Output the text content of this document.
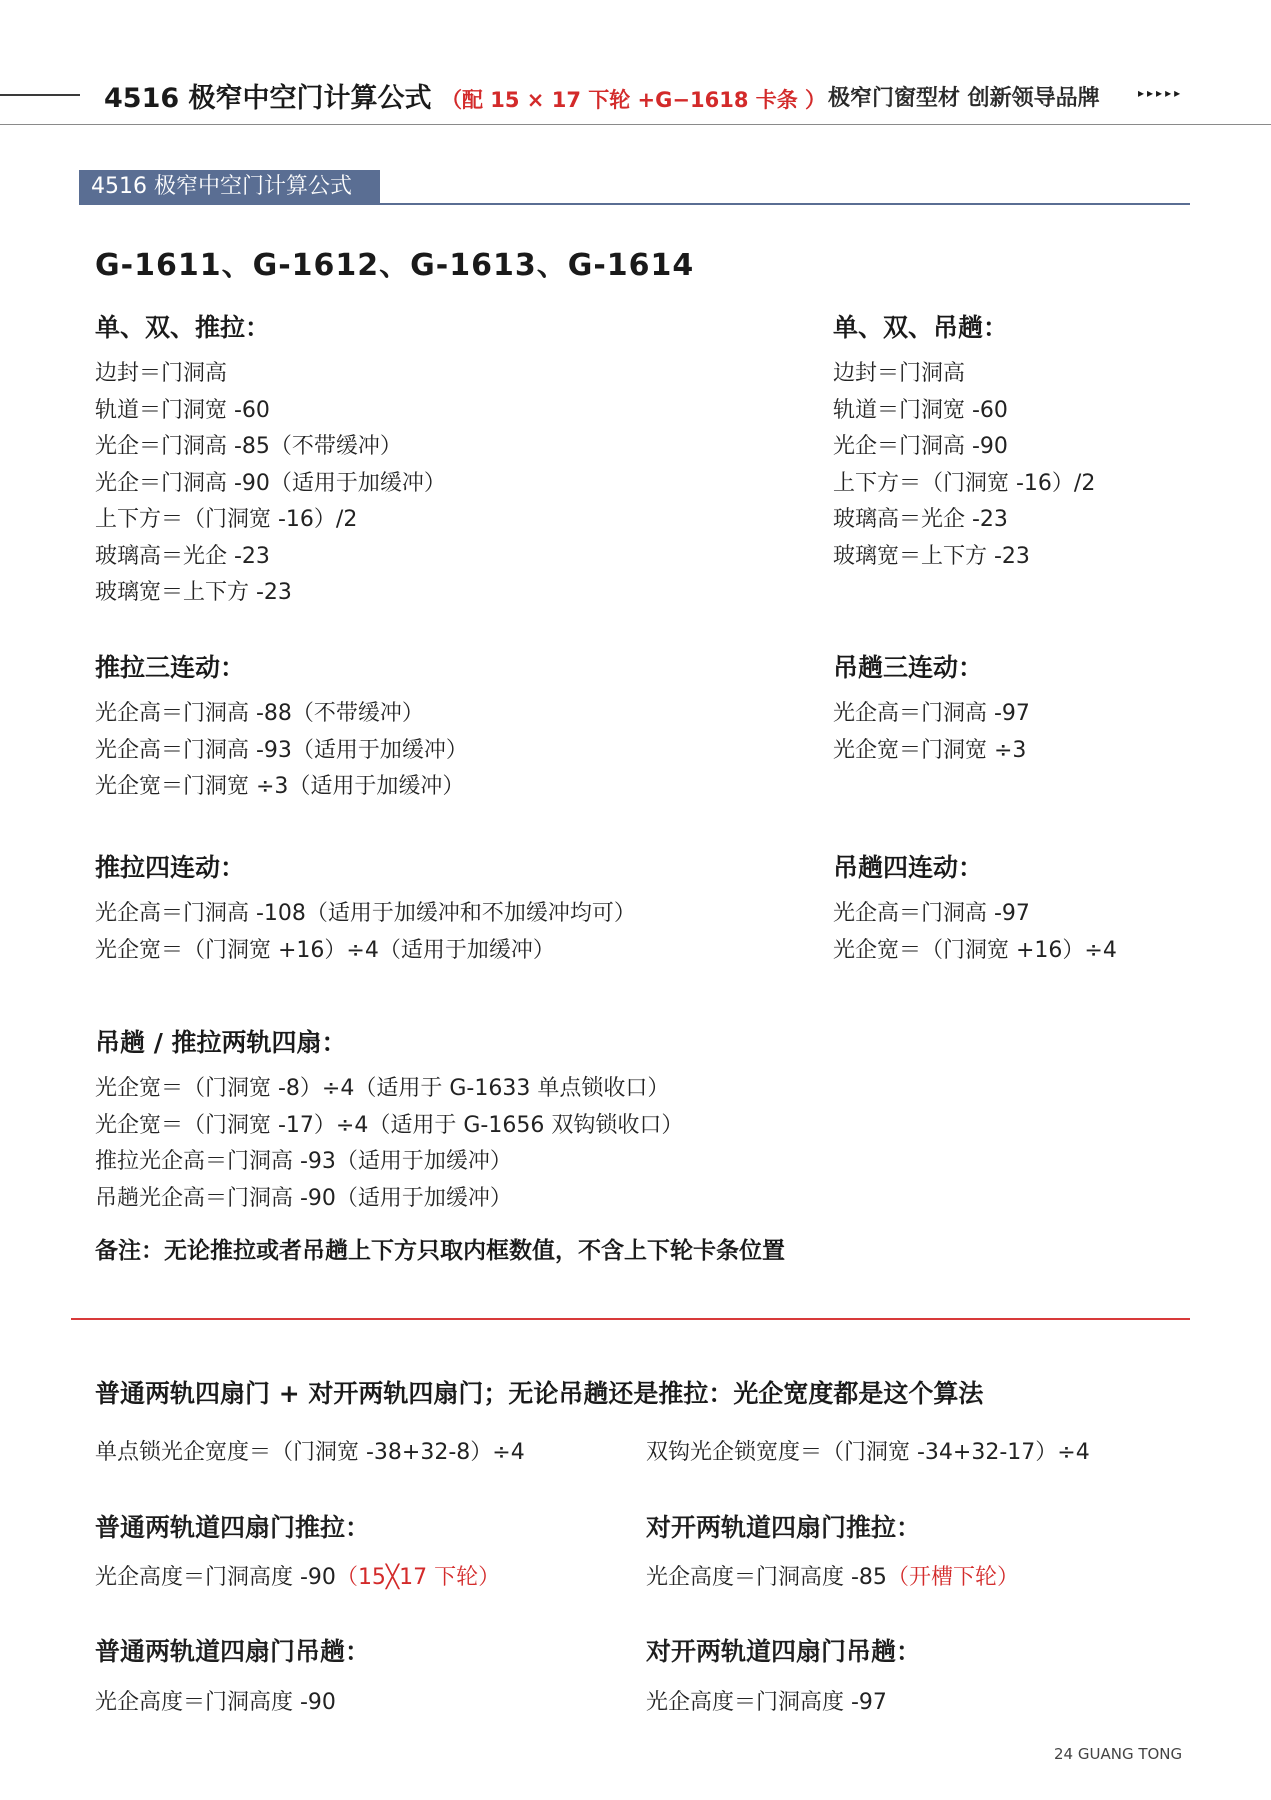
4516 极窄中空门计算公式 （配 15 × 17 下轮 +G−1618 卡条 ） 极窄门窗型材 创新领导品牌	▸▸▸▸▸
4516 极窄中空门计算公式
G-1611、G-1612、G-1613、G-1614
单、双、推拉：
边封＝门洞高
轨道＝门洞宽 -60
光企＝门洞高 -85（不带缓冲）
光企＝门洞高 -90（适用于加缓冲）
上下方＝（门洞宽 -16）/2
玻璃高＝光企 -23
玻璃宽＝上下方 -23
推拉三连动：
光企高＝门洞高 -88（不带缓冲）
光企高＝门洞高 -93（适用于加缓冲）
光企宽＝门洞宽 ÷3（适用于加缓冲）
推拉四连动：
光企高＝门洞高 -108（适用于加缓冲和不加缓冲均可）
光企宽＝（门洞宽 +16）÷4（适用于加缓冲）
吊趟 / 推拉两轨四扇：
光企宽＝（门洞宽 -8）÷4（适用于 G-1633 单点锁收口）
光企宽＝（门洞宽 -17）÷4（适用于 G-1656 双钩锁收口）
推拉光企高＝门洞高 -93（适用于加缓冲）
吊趟光企高＝门洞高 -90（适用于加缓冲）
单、双、吊趟：
边封＝门洞高
轨道＝门洞宽 -60
光企＝门洞高 -90
上下方＝（门洞宽 -16）/2
玻璃高＝光企 -23
玻璃宽＝上下方 -23
吊趟三连动：
光企高＝门洞高 -97
光企宽＝门洞宽 ÷3
吊趟四连动：
光企高＝门洞高 -97
光企宽＝（门洞宽 +16）÷4
备注：无论推拉或者吊趟上下方只取内框数值，不含上下轮卡条位置
普通两轨四扇门 + 对开两轨四扇门；无论吊趟还是推拉：光企宽度都是这个算法
单点锁光企宽度＝（门洞宽 -38+32-8）÷4	双钩光企锁宽度＝（门洞宽 -34+32-17）÷4
普通两轨道四扇门推拉：
光企高度＝门洞高度 -90（15╳17 下轮）
对开两轨道四扇门推拉：
光企高度＝门洞高度 -85（开槽下轮）
普通两轨道四扇门吊趟：
光企高度＝门洞高度 -90
对开两轨道四扇门吊趟：
光企高度＝门洞高度 -97
24 GUANG TONG
